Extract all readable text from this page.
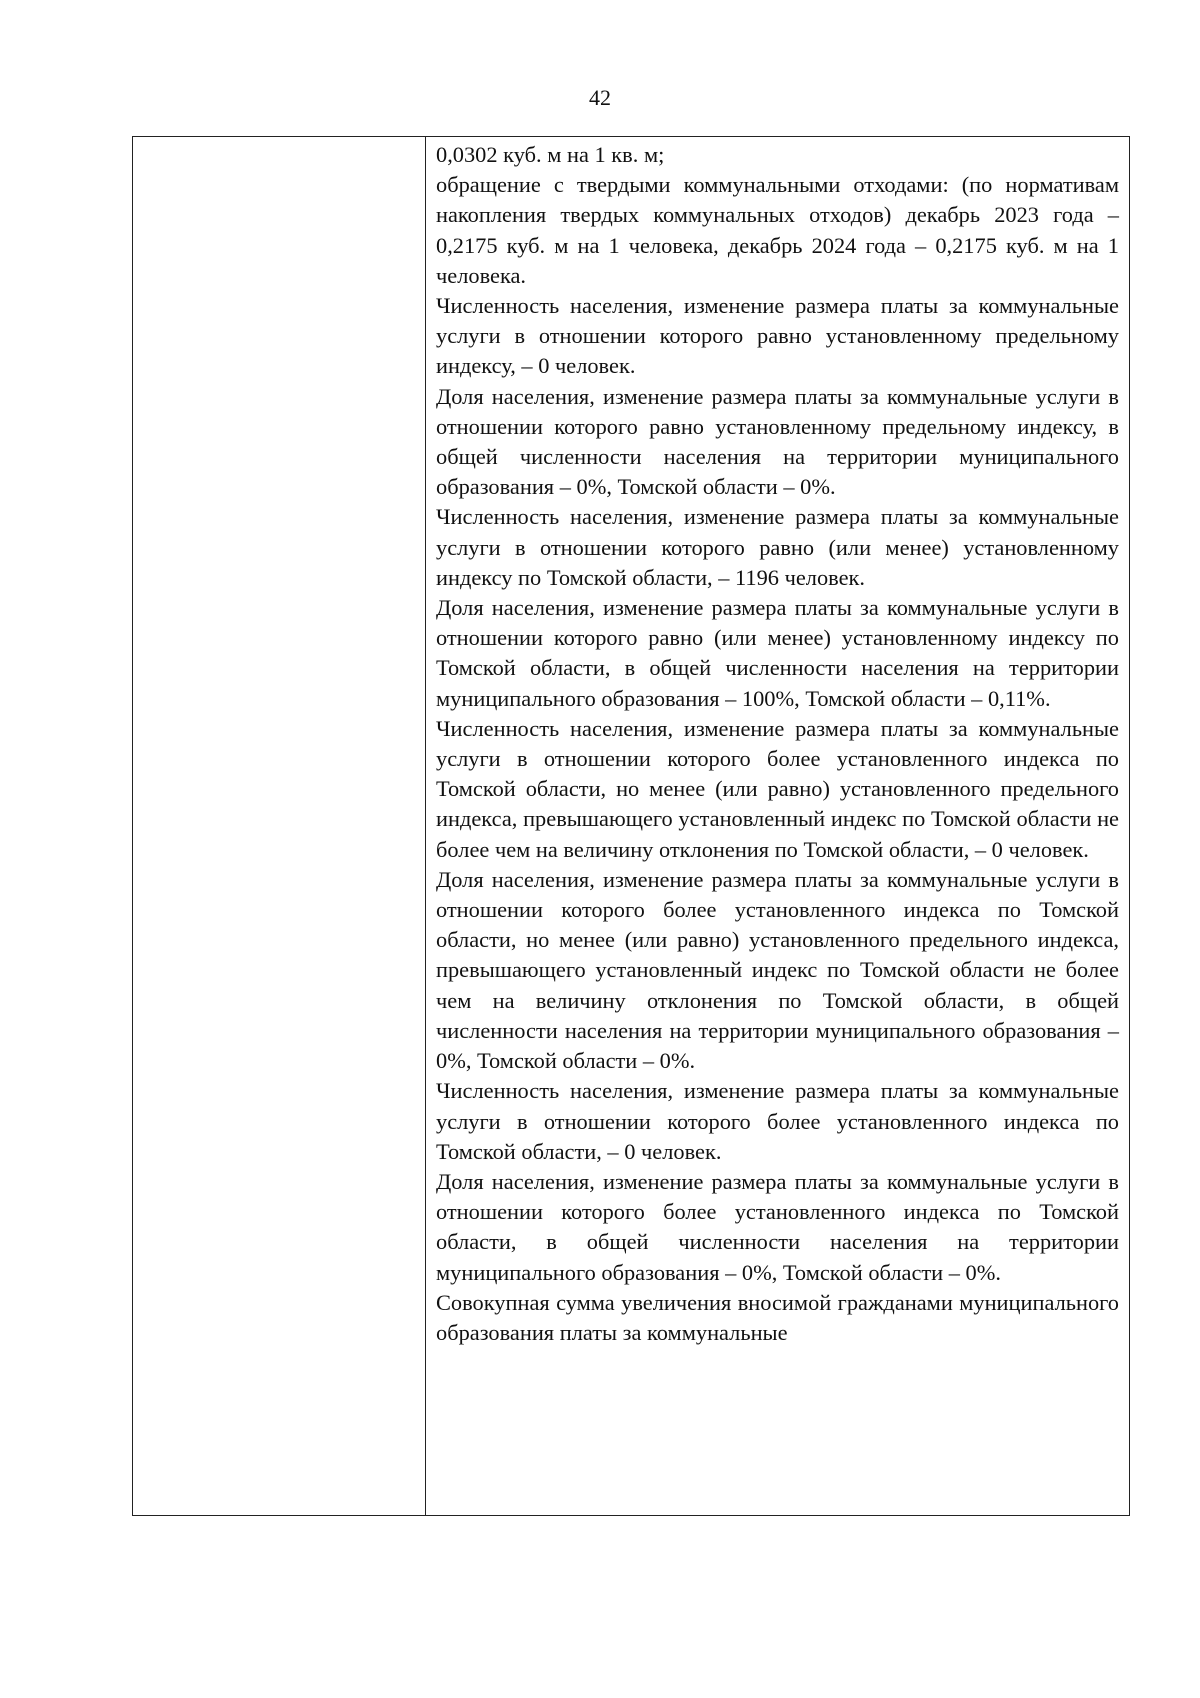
42

0,0302 куб. м на 1 кв. м;

обращение с твердыми коммунальными отходами: (по нормативам накопления твердых коммунальных отходов) декабрь 2023 года – 0,2175 куб. м на 1 человека, декабрь 2024 года – 0,2175 куб. м на 1 человека.

Численность населения, изменение размера платы за коммунальные услуги в отношении которого равно установленному предельному индексу, – 0 человек.

Доля населения, изменение размера платы за коммунальные услуги в отношении которого равно установленному предельному индексу, в общей численности населения на территории муниципального образования – 0%, Томской области – 0%.

Численность населения, изменение размера платы за коммунальные услуги в отношении которого равно (или менее) установленному индексу по Томской области, – 1196 человек.

Доля населения, изменение размера платы за коммунальные услуги в отношении которого равно (или менее) установленному индексу по Томской области, в общей численности населения на территории муниципального образования – 100%, Томской области – 0,11%.

Численность населения, изменение размера платы за коммунальные услуги в отношении которого более установленного индекса по Томской области, но менее (или равно) установленного предельного индекса, превышающего установленный индекс по Томской области не более чем на величину отклонения по Томской области, – 0 человек.

Доля населения, изменение размера платы за коммунальные услуги в отношении которого более установленного индекса по Томской области, но менее (или равно) установленного предельного индекса, превышающего установленный индекс по Томской области не более чем на величину отклонения по Томской области, в общей численности населения на территории муниципального образования – 0%, Томской области – 0%.

Численность населения, изменение размера платы за коммунальные услуги в отношении которого более установленного индекса по Томской области, – 0 человек.

Доля населения, изменение размера платы за коммунальные услуги в отношении которого более установленного индекса по Томской области, в общей численности населения на территории муниципального образования – 0%, Томской области – 0%.

Совокупная сумма увеличения вносимой гражданами муниципального образования платы за коммунальные
